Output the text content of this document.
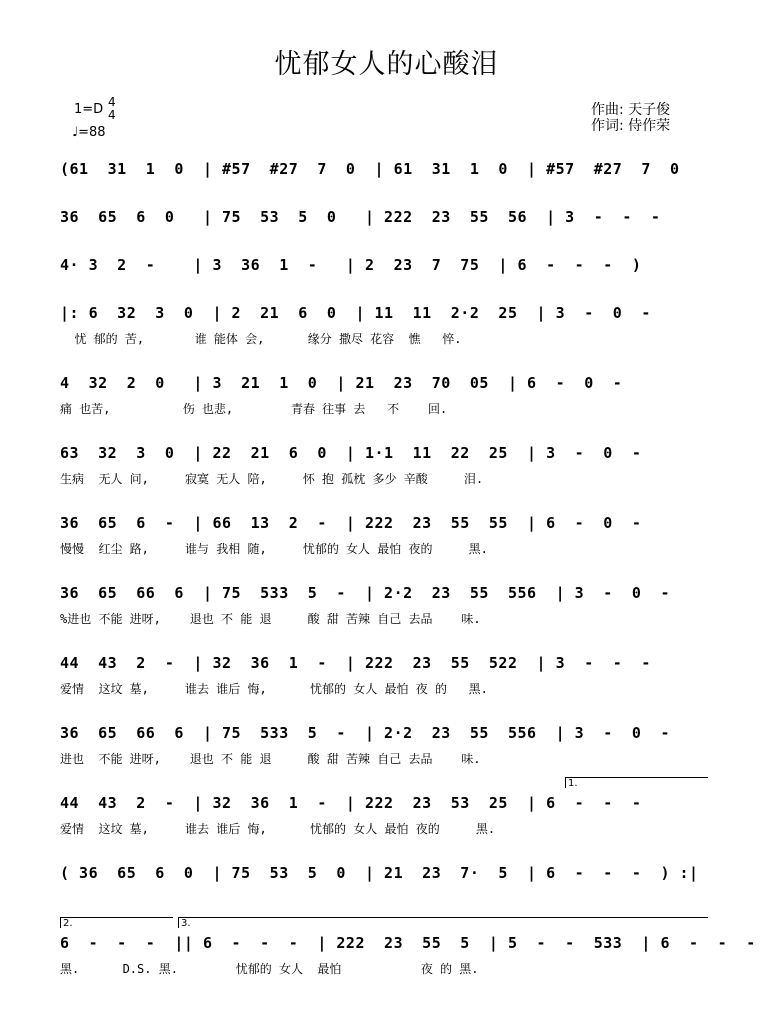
忧郁女人的心酸泪
1=D 4
4
♩=88
作曲: 天子俊
作词: 侍作荣
(61  31  1  0  | #57  #27  7  0  | 61  31  1  0  | #57  #27  7  0
36  65  6  0   | 75  53  5  0   | 222  23  55  56  | 3  -  -  -
4· 3  2  -    | 3  36  1  -   | 2  23  7  75  | 6  -  -  -  )
|: 6  32  3  0  | 2  21  6  0  | 11  11  2·2  25  | 3  -  0  -
忧 郁的 苦,       谁 能体 会,      缘分 撒尽 花容  憔   悴.
4  32  2  0   | 3  21  1  0  | 21  23  70  05  | 6  -  0  -
痛 也苦,          伤 也悲,        青春 往事 去   不    回.
63  32  3  0  | 22  21  6  0  | 1·1  11  22  25  | 3  -  0  -
生病  无人 问,     寂寞 无人 陪,     怀 抱 孤枕 多少 辛酸     泪.
36  65  6  -  | 66  13  2  -  | 222  23  55  55  | 6  -  0  -
慢慢  红尘 路,     谁与 我相 随,     忧郁的 女人 最怕 夜的     黑.
36  65  66  6  | 75  533  5  -  | 2·2  23  55  556  | 3  -  0  -
%进也 不能 进呀,    退也 不 能 退     酸 甜 苦辣 自己 去品    味.
44  43  2  -  | 32  36  1  -  | 222  23  55  522  | 3  -  -  -
爱情  这坟 墓,     谁去 谁后 悔,      忧郁的 女人 最怕 夜 的   黑.
36  65  66  6  | 75  533  5  -  | 2·2  23  55  556  | 3  -  0  -
进也  不能 进呀,    退也 不 能 退     酸 甜 苦辣 自己 去品    味.
44  43  2  -  | 32  36  1  -  | 222  23  53  25  | 6  -  -  -
爱情  这坟 墓,     谁去 谁后 悔,      忧郁的 女人 最怕 夜的     黑.
( 36  65  6  0  | 75  53  5  0  | 21  23  7·  5  | 6  -  -  -  ) :|
6  -  -  -  || 6  -  -  -  | 222  23  55  5  | 5  -  -  533  | 6  -  -  -
黑.      D.S. 黑.        忧郁的 女人  最怕           夜 的 黑.
1.
2.	3.
